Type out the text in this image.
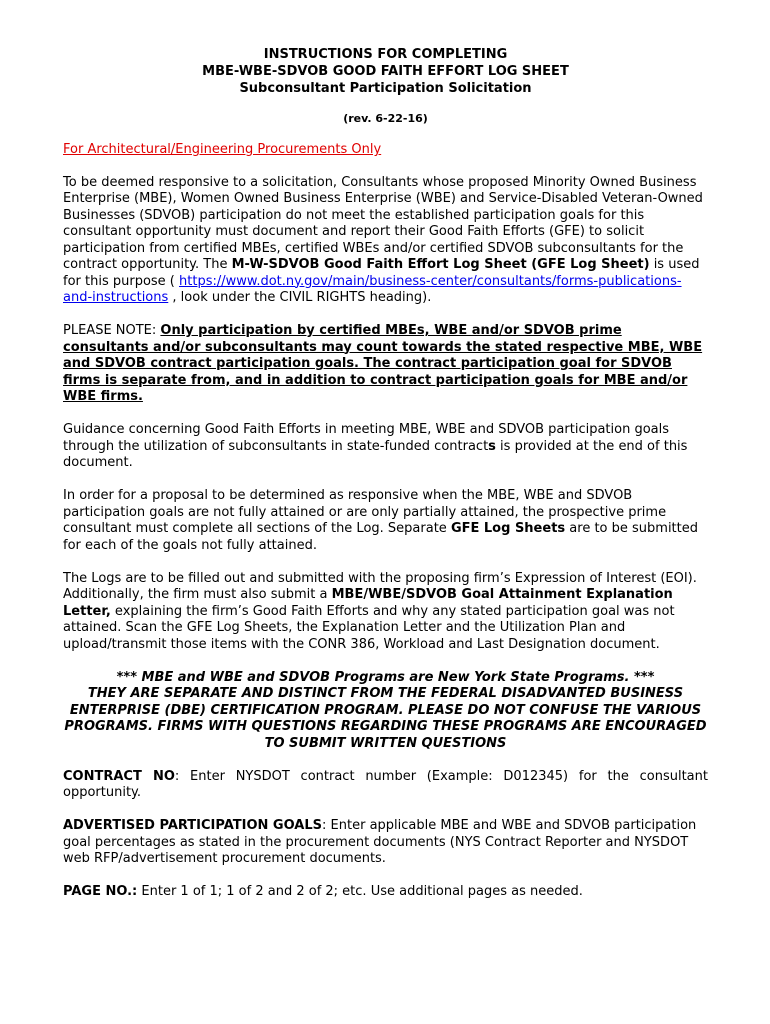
INSTRUCTIONS FOR COMPLETING
MBE-WBE-SDVOB GOOD FAITH EFFORT LOG SHEET
Subconsultant Participation Solicitation
(rev. 6-22-16)
For Architectural/Engineering Procurements Only

To be deemed responsive to a solicitation, Consultants whose proposed Minority Owned Business Enterprise (MBE), Women Owned Business Enterprise (WBE) and Service-Disabled Veteran-Owned Businesses (SDVOB) participation do not meet the established participation goals for this consultant opportunity must document and report their Good Faith Efforts (GFE) to solicit participation from certified MBEs, certified WBEs and/or certified SDVOB subconsultants for the contract opportunity. The M-W-SDVOB Good Faith Effort Log Sheet (GFE Log Sheet) is used for this purpose ( https://www.dot.ny.gov/main/business-center/consultants/forms-publications-and-instructions , look under the CIVIL RIGHTS heading).

PLEASE NOTE: Only participation by certified MBEs, WBE and/or SDVOB prime consultants and/or subconsultants may count towards the stated respective MBE, WBE and SDVOB contract participation goals. The contract participation goal for SDVOB firms is separate from, and in addition to contract participation goals for MBE and/or WBE firms.

Guidance concerning Good Faith Efforts in meeting MBE, WBE and SDVOB participation goals through the utilization of subconsultants in state-funded contracts is provided at the end of this document.

In order for a proposal to be determined as responsive when the MBE, WBE and SDVOB participation goals are not fully attained or are only partially attained, the prospective prime consultant must complete all sections of the Log. Separate GFE Log Sheets are to be submitted for each of the goals not fully attained.

The Logs are to be filled out and submitted with the proposing firm’s Expression of Interest (EOI). Additionally, the firm must also submit a MBE/WBE/SDVOB Goal Attainment Explanation Letter, explaining the firm’s Good Faith Efforts and why any stated participation goal was not attained. Scan the GFE Log Sheets, the Explanation Letter and the Utilization Plan and upload/transmit those items with the CONR 386, Workload and Last Designation document.

*** MBE and WBE and SDVOB Programs are New York State Programs. ***
THEY ARE SEPARATE AND DISTINCT FROM THE FEDERAL DISADVANTED BUSINESS ENTERPRISE (DBE) CERTIFICATION PROGRAM. PLEASE DO NOT CONFUSE THE VARIOUS PROGRAMS. FIRMS WITH QUESTIONS REGARDING THESE PROGRAMS ARE ENCOURAGED TO SUBMIT WRITTEN QUESTIONS

CONTRACT NO: Enter NYSDOT contract number (Example: D012345) for the consultant opportunity.

ADVERTISED PARTICIPATION GOALS: Enter applicable MBE and WBE and SDVOB participation goal percentages as stated in the procurement documents (NYS Contract Reporter and NYSDOT web RFP/advertisement procurement documents.

PAGE NO.: Enter 1 of 1; 1 of 2 and 2 of 2; etc. Use additional pages as needed.
